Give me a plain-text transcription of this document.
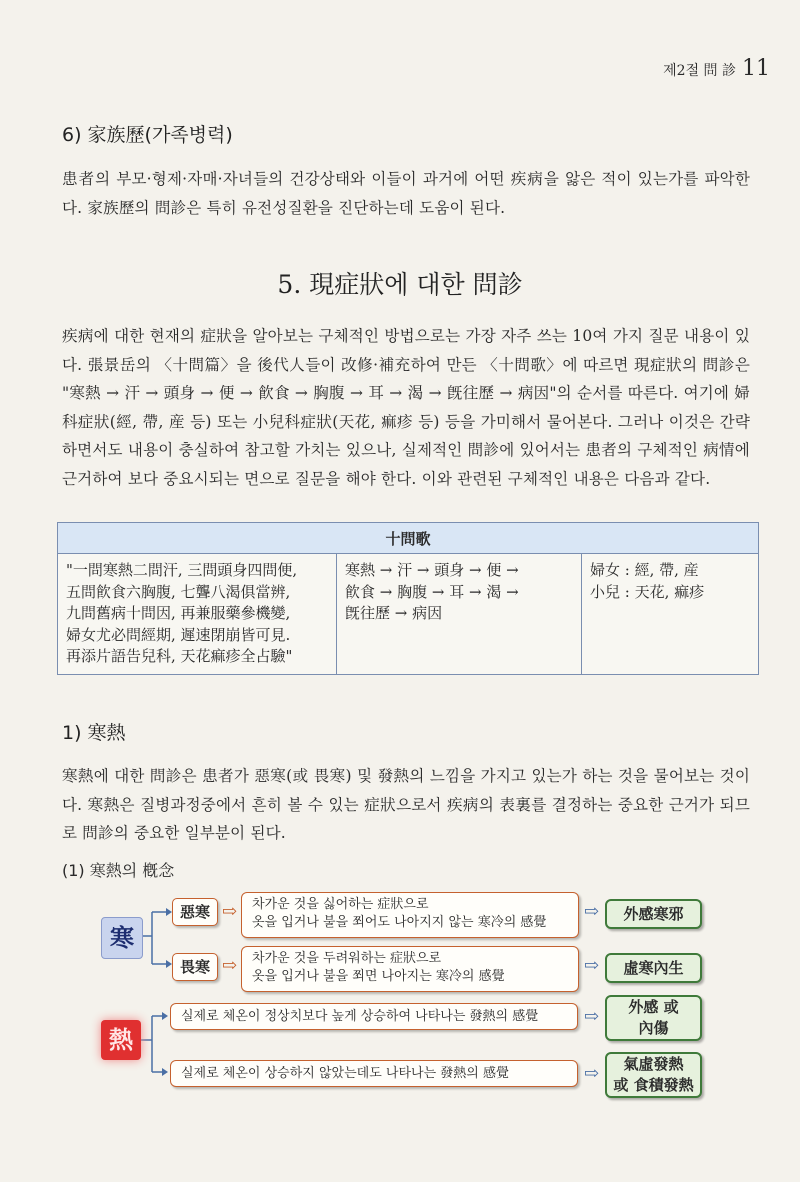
제2절 問 診 11
6) 家族歷(가족병력)
患者의 부모·형제·자매·자녀들의 건강상태와 이들이 과거에 어떤 疾病을 앓은 적이 있는가를 파악한다. 家族歷의 問診은 특히 유전성질환을 진단하는데 도움이 된다.
5. 現症狀에 대한 問診
疾病에 대한 현재의 症狀을 알아보는 구체적인 방법으로는 가장 자주 쓰는 10여 가지 질문 내용이 있다. 張景岳의 〈十問篇〉을 後代人들이 改修·補充하여 만든 〈十問歌〉에 따르면 現症狀의 問診은 "寒熱 → 汗 → 頭身 → 便 → 飮食 → 胸腹 → 耳 → 渴 → 旣往歷 → 病因"의 순서를 따른다. 여기에 婦科症狀(經, 帶, 産 등) 또는 小兒科症狀(天花, 痲疹 등) 등을 가미해서 물어본다. 그러나 이것은 간략하면서도 내용이 충실하여 참고할 가치는 있으나, 실제적인 問診에 있어서는 患者의 구체적인 病情에 근거하여 보다 중요시되는 면으로 질문을 해야 한다. 이와 관련된 구체적인 내용은 다음과 같다.
十問歌

"一問寒熱二問汗, 三問頭身四問便,
五問飮食六胸腹, 七聾八渴俱當辨,
九問舊病十問因, 再兼服藥參機變,
婦女尤必問經期, 遲速閉崩皆可見.
再添片語告兒科, 天花痲疹全占驗"

寒熱 → 汗 → 頭身 → 便 →
飮食 → 胸腹 → 耳 → 渴 →
旣往歷 → 病因

婦女 : 經, 帶, 産
小兒 : 天花, 痲疹
1) 寒熱
寒熱에 대한 問診은 患者가 惡寒(或 畏寒) 및 發熱의 느낌을 가지고 있는가 하는 것을 물어보는 것이다. 寒熱은 질병과정중에서 흔히 볼 수 있는 症狀으로서 疾病의 表裏를 결정하는 중요한 근거가 되므로 問診의 중요한 일부분이 된다.
(1) 寒熱의 槪念
寒
熱
惡寒 ⇨ 차가운 것을 싫어하는 症狀으로
옷을 입거나 불을 쬐어도 나아지지 않는 寒冷의 感覺
⇨	外感寒邪
畏寒 ⇨ 차가운 것을 두려워하는 症狀으로
옷을 입거나 불을 쬐면 나아지는 寒冷의 感覺
⇨	虛寒內生
실제로 체온이 정상치보다 높게 상승하여 나타나는 發熱의 感覺	⇨ 外感 或
內傷
실제로 체온이 상승하지 않았는데도 나타나는 發熱의 感覺	⇨ 氣虛發熱
或 食積發熱
